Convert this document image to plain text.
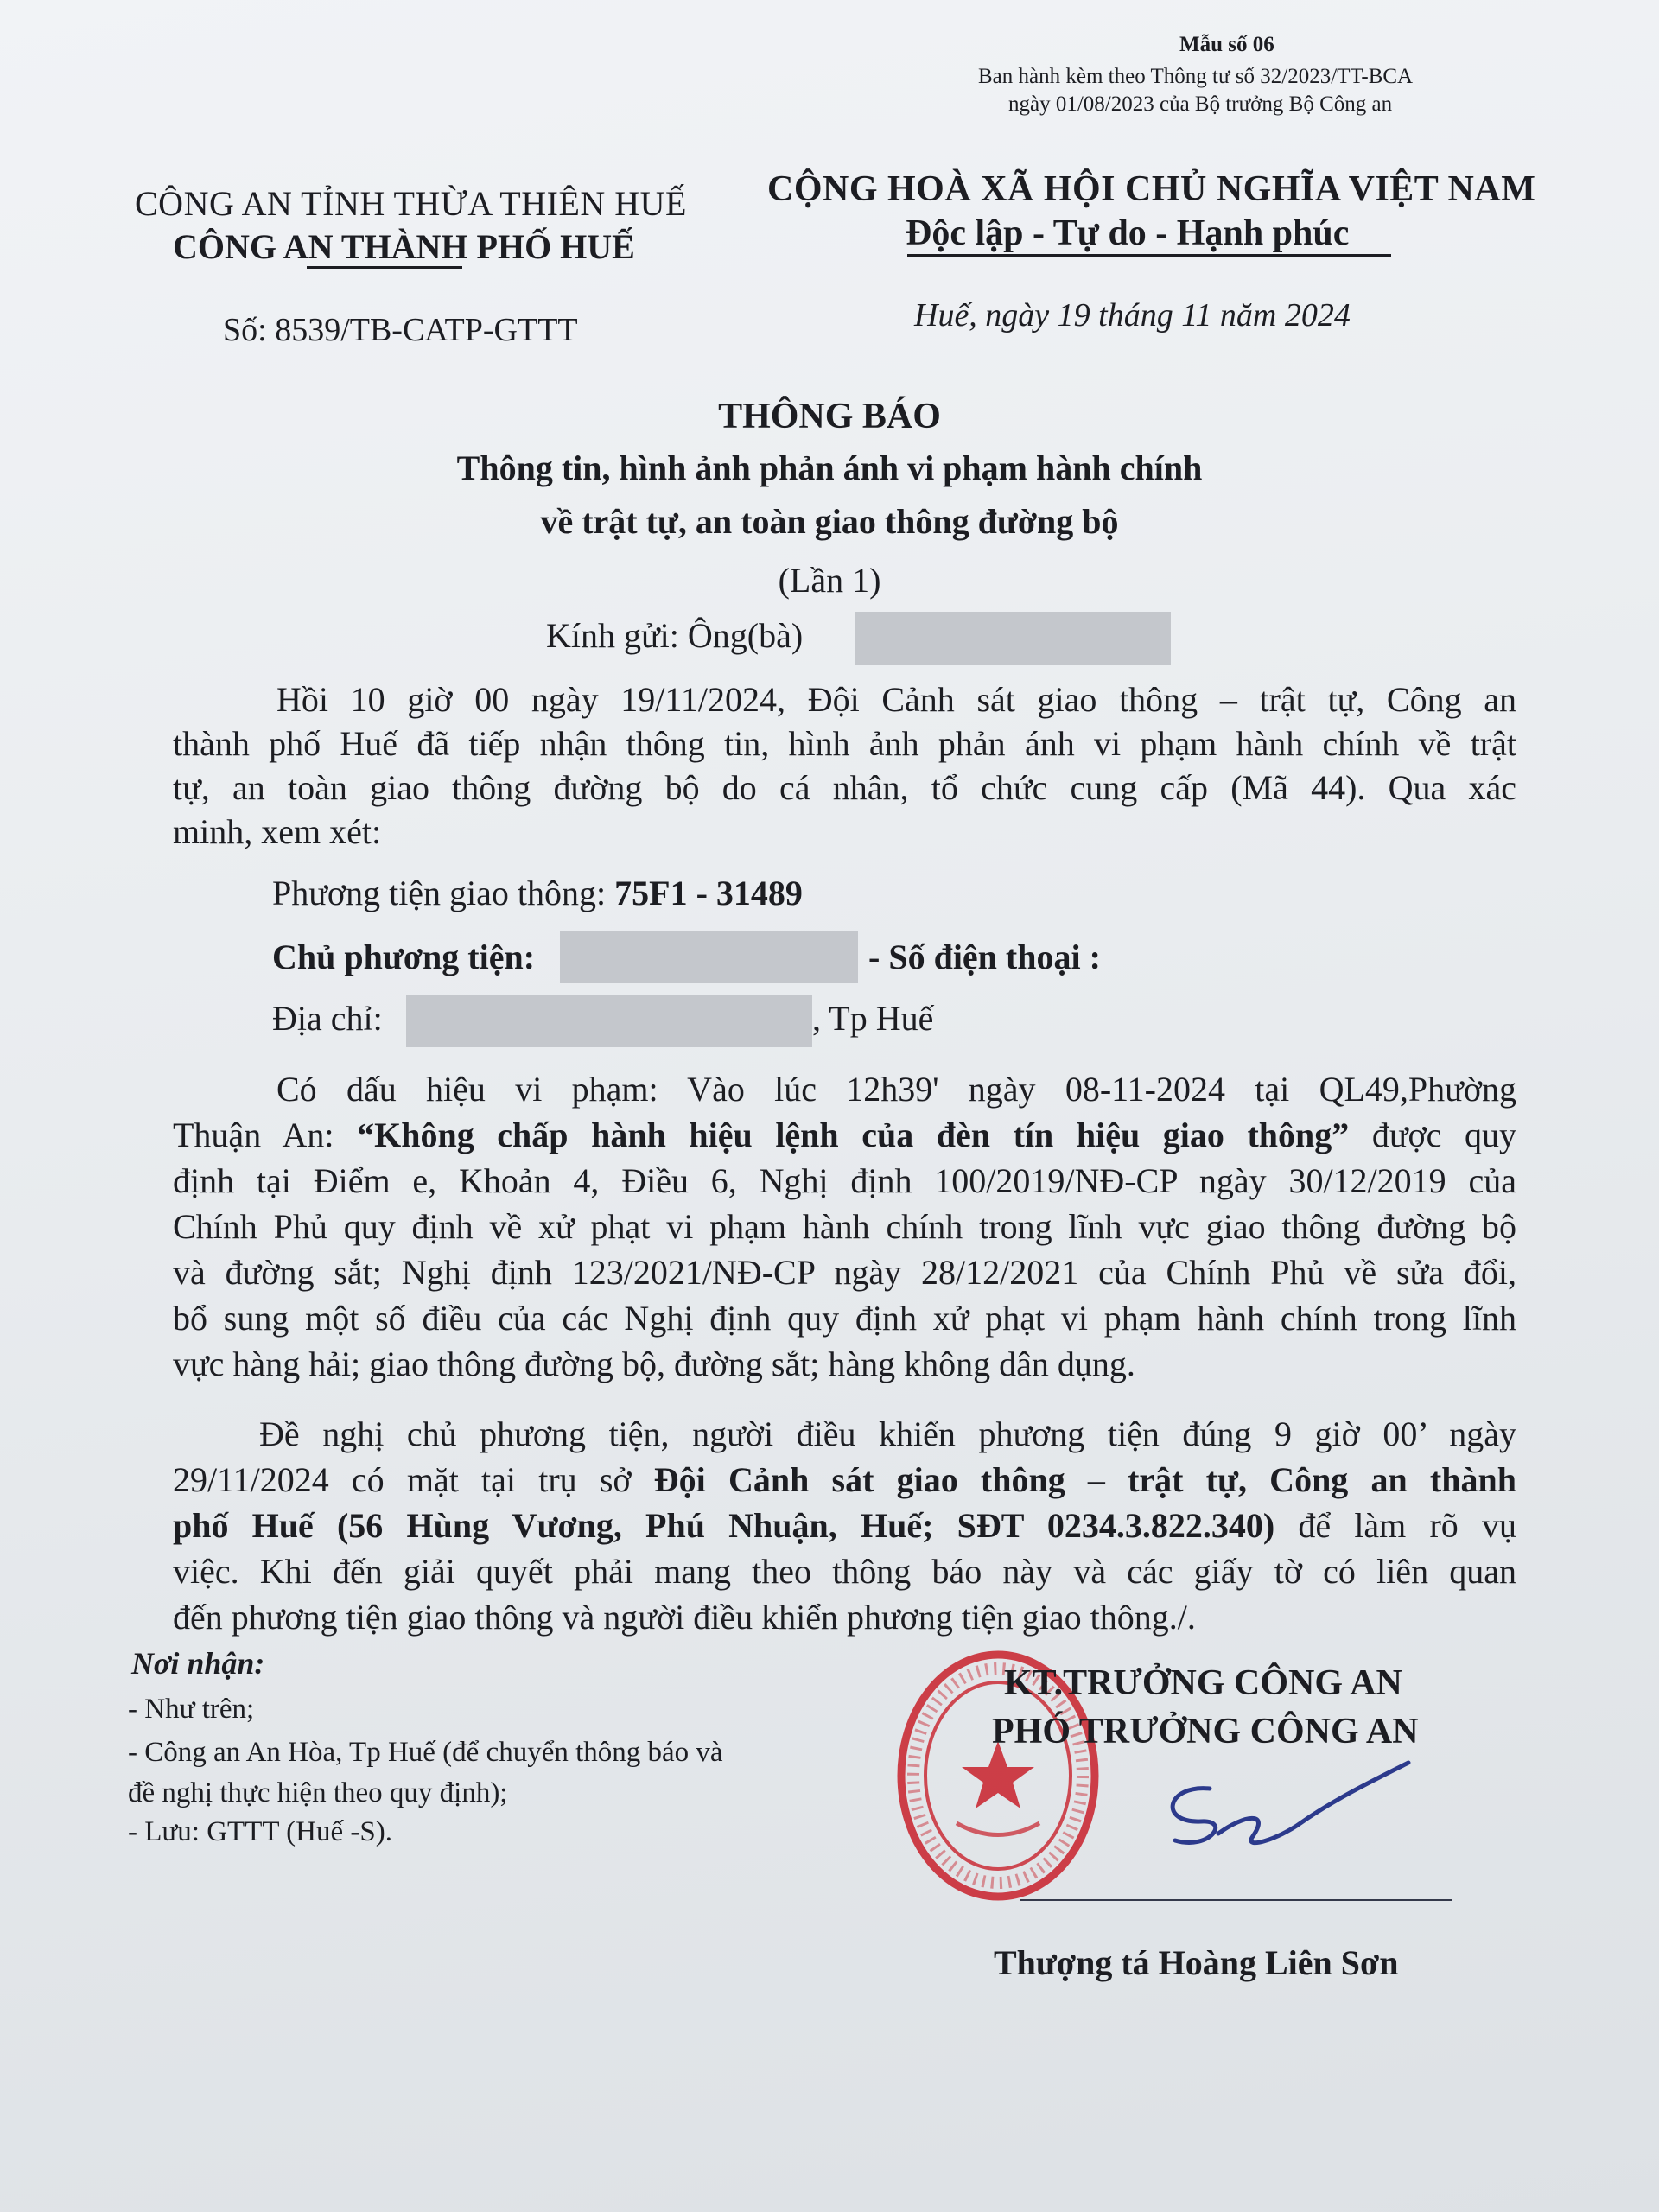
Mẫu số 06
Ban hành kèm theo Thông tư số 32/2023/TT-BCA
ngày 01/08/2023 của Bộ trưởng Bộ Công an
CÔNG AN TỈNH THỪA THIÊN HUẾ
CÔNG AN THÀNH PHỐ HUẾ
CỘNG HOÀ XÃ HỘI CHỦ NGHĨA VIỆT NAM
Độc lập - Tự do - Hạnh phúc
Số: 8539/TB-CATP-GTTT	Huế, ngày 19 tháng 11 năm 2024
THÔNG BÁO
Thông tin, hình ảnh phản ánh vi phạm hành chính
về trật tự, an toàn giao thông đường bộ
(Lần 1)
Kính gửi: Ông(bà)
Hồi 10 giờ 00 ngày 19/11/2024, Đội Cảnh sát giao thông – trật tự, Công an
thành phố Huế đã tiếp nhận thông tin, hình ảnh phản ánh vi phạm hành chính về trật
tự, an toàn giao thông đường bộ do cá nhân, tổ chức cung cấp (Mã 44). Qua xác
minh, xem xét:
Phương tiện giao thông: 75F1 - 31489
Chủ phương tiện:	- Số điện thoại :
Địa chỉ:	, Tp Huế
Có dấu hiệu vi phạm: Vào lúc 12h39' ngày 08-11-2024 tại QL49,Phường
Thuận An: “Không chấp hành hiệu lệnh của đèn tín hiệu giao thông” được quy
định tại Điểm e, Khoản 4, Điều 6, Nghị định 100/2019/NĐ-CP ngày 30/12/2019 của
Chính Phủ quy định về xử phạt vi phạm hành chính trong lĩnh vực giao thông đường bộ
và đường sắt; Nghị định 123/2021/NĐ-CP ngày 28/12/2021 của Chính Phủ về sửa đổi,
bổ sung một số điều của các Nghị định quy định xử phạt vi phạm hành chính trong lĩnh
vực hàng hải; giao thông đường bộ, đường sắt; hàng không dân dụng.
Đề nghị chủ phương tiện, người điều khiển phương tiện đúng 9 giờ 00’ ngày
29/11/2024 có mặt tại trụ sở Đội Cảnh sát giao thông – trật tự, Công an thành
phố Huế (56 Hùng Vương, Phú Nhuận, Huế; SĐT 0234.3.822.340) để làm rõ vụ
việc. Khi đến giải quyết phải mang theo thông báo này và các giấy tờ có liên quan
đến phương tiện giao thông và người điều khiển phương tiện giao thông./.
Nơi nhận:
- Như trên;
- Công an An Hòa, Tp Huế (để chuyển thông báo và
đề nghị thực hiện theo quy định);
- Lưu: GTTT (Huế -S).
KT.TRƯỞNG CÔNG AN
PHÓ TRƯỞNG CÔNG AN
Thượng tá Hoàng Liên Sơn
